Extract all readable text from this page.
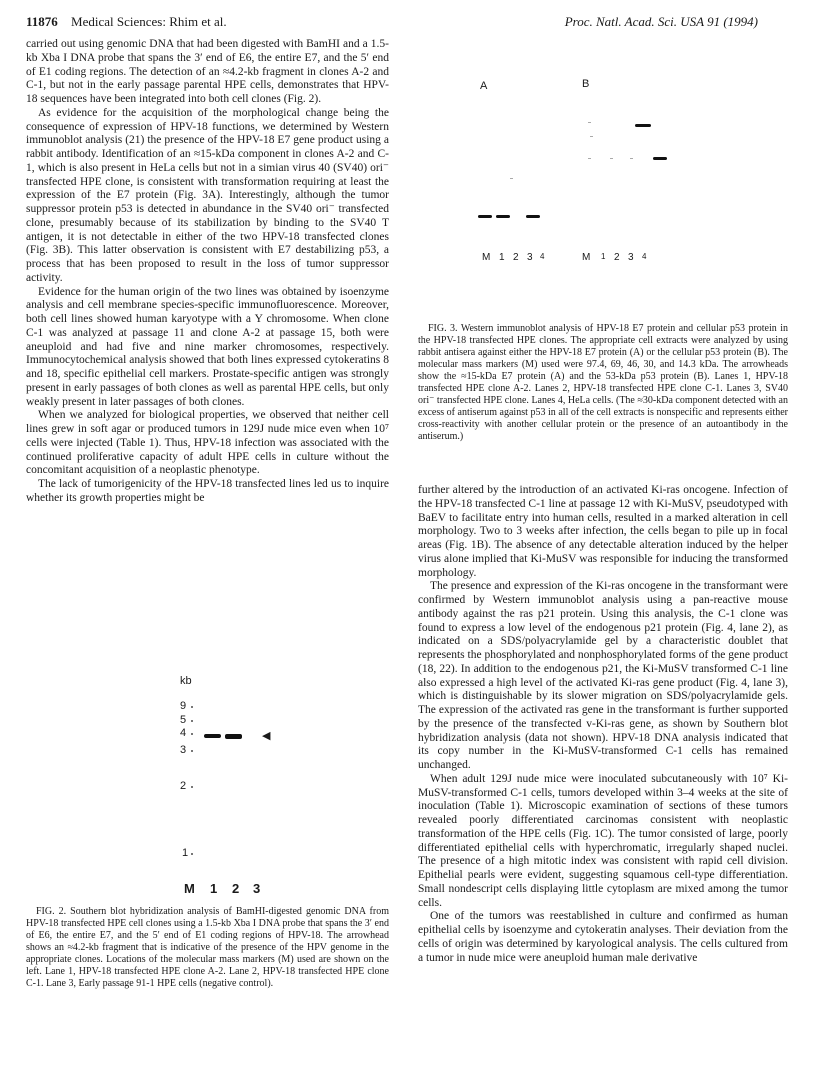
11876 Medical Sciences: Rhim et al.	Proc. Natl. Acad. Sci. USA 91 (1994)

carried out using genomic DNA that had been digested with BamHI and a 1.5-kb Xba I DNA probe that spans the 3′ end of E6, the entire E7, and the 5′ end of E1 coding regions. The detection of an ≈4.2-kb fragment in clones A-2 and C-1, but not in the early passage parental HPE cells, demonstrates that HPV-18 sequences have been integrated into both cell clones (Fig. 2).

As evidence for the acquisition of the morphological change being the consequence of expression of HPV-18 functions, we determined by Western immunoblot analysis (21) the presence of the HPV-18 E7 gene product using a rabbit antibody. Identification of an ≈15-kDa component in clones A-2 and C-1, which is also present in HeLa cells but not in a simian virus 40 (SV40) ori⁻ transfected HPE clone, is consistent with transformation requiring at least the expression of the E7 protein (Fig. 3A). Interestingly, although the tumor suppressor protein p53 is detected in abundance in the SV40 ori⁻ transfected clone, presumably because of its stabilization by binding to the SV40 T antigen, it is not detectable in either of the two HPV-18 transfected clones (Fig. 3B). This latter observation is consistent with E7 destabilizing p53, a process that has been proposed to result in the loss of tumor suppressor activity.

Evidence for the human origin of the two lines was obtained by isoenzyme analysis and cell membrane species-specific immunofluorescence. Moreover, both cell lines showed human karyotype with a Y chromosome. When clone C-1 was analyzed at passage 11 and clone A-2 at passage 15, both were aneuploid and had five and nine marker chromosomes, respectively. Immunocytochemical analysis showed that both lines expressed cytokeratins 8 and 18, specific epithelial cell markers. Prostate-specific antigen was strongly present in early passages of both clones as well as parental HPE cells, but only weakly present in later passages of both clones.

When we analyzed for biological properties, we observed that neither cell lines grew in soft agar or produced tumors in 129J nude mice even when 10⁷ cells were injected (Table 1). Thus, HPV-18 infection was associated with the continued proliferative capacity of adult HPE cells in culture without the concomitant acquisition of a neoplastic phenotype.

The lack of tumorigenicity of the HPV-18 transfected lines led us to inquire whether its growth properties might be

kb
9
5
4
3
2
1
◀
M 1 2 3

FIG. 2. Southern blot hybridization analysis of BamHI-digested genomic DNA from HPV-18 transfected HPE cell clones using a 1.5-kb Xba I DNA probe that spans the 3′ end of E6, the entire E7, and the 5′ end of E1 coding regions of HPV-18. The arrowhead shows an ≈4.2-kb fragment that is indicative of the presence of the HPV genome in the appropriate clones. Locations of the molecular mass markers (M) used are shown on the left. Lane 1, HPV-18 transfected HPE clone A-2. Lane 2, HPV-18 transfected HPE clone C-1. Lane 3, Early passage 91-1 HPE cells (negative control).

A	B
M 1 2 3 4	M 1 2 3 4

FIG. 3. Western immunoblot analysis of HPV-18 E7 protein and cellular p53 protein in the HPV-18 transfected HPE clones. The appropriate cell extracts were analyzed by using rabbit antisera against either the HPV-18 E7 protein (A) or the cellular p53 protein (B). The molecular mass markers (M) used were 97.4, 69, 46, 30, and 14.3 kDa. The arrowheads show the ≈15-kDa E7 protein (A) and the 53-kDa p53 protein (B). Lanes 1, HPV-18 transfected HPE clone A-2. Lanes 2, HPV-18 transfected HPE clone C-1. Lanes 3, SV40 ori⁻ transfected HPE clone. Lanes 4, HeLa cells. (The ≈30-kDa component detected with an excess of antiserum against p53 in all of the cell extracts is nonspecific and represents either cross-reactivity with another cellular protein or the presence of an autoantibody in the antiserum.)

further altered by the introduction of an activated Ki-ras oncogene. Infection of the HPV-18 transfected C-1 line at passage 12 with Ki-MuSV, pseudotyped with BaEV to facilitate entry into human cells, resulted in a marked alteration in cell morphology. Two to 3 weeks after infection, the cells began to pile up in focal areas (Fig. 1B). The absence of any detectable alteration induced by the helper virus alone implied that Ki-MuSV was responsible for inducing the transformed morphology.

The presence and expression of the Ki-ras oncogene in the transformant were confirmed by Western immunoblot analysis using a pan-reactive mouse antibody against the ras p21 protein. Using this analysis, the C-1 clone was found to express a low level of the endogenous p21 protein (Fig. 4, lane 2), as indicated on a SDS/polyacrylamide gel by a characteristic doublet that represents the phosphorylated and nonphosphorylated forms of the gene product (18, 22). In addition to the endogenous p21, the Ki-MuSV transformed C-1 line also expressed a high level of the activated Ki-ras gene product (Fig. 4, lane 3), which is distinguishable by its slower migration on SDS/polyacrylamide gels. The expression of the activated ras gene in the transformant is further supported by the presence of the transfected v-Ki-ras gene, as shown by Southern blot hybridization analysis (data not shown). HPV-18 DNA analysis indicated that its copy number in the Ki-MuSV-transformed C-1 cells has remained unchanged.

When adult 129J nude mice were inoculated subcutaneously with 10⁷ Ki-MuSV-transformed C-1 cells, tumors developed within 3–4 weeks at the site of inoculation (Table 1). Microscopic examination of sections of these tumors revealed poorly differentiated carcinomas consistent with neoplastic transformation of the HPE cells (Fig. 1C). The tumor consisted of large, poorly differentiated epithelial cells with hyperchromatic, irregularly shaped nuclei. The presence of a high mitotic index was consistent with rapid cell division. Epithelial pearls were evident, suggesting squamous cell-type differentiation. Small nondescript cells displaying little cytoplasm are mixed among the tumor cells.

One of the tumors was reestablished in culture and confirmed as human epithelial cells by isoenzyme and cytokeratin analyses. Their deviation from the cells of origin was determined by karyological analysis. The cells cultured from a tumor in nude mice were aneuploid human male derivative
